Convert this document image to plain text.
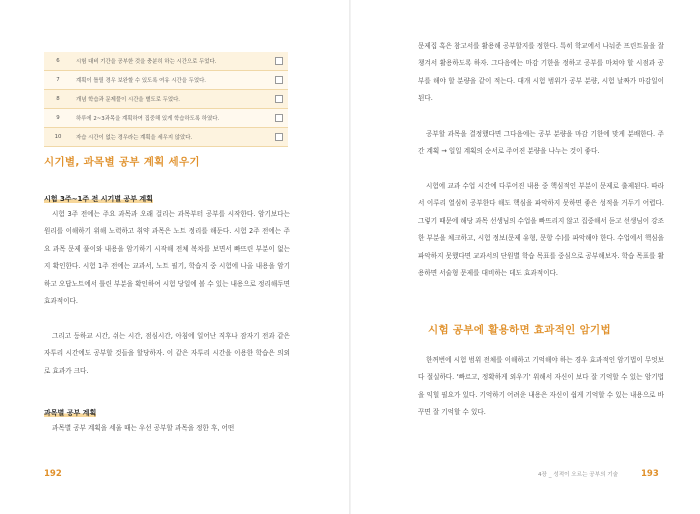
6	시험 대비 기간을 공부한 것을 충분히 하는 시간으로 두었다.	
7	계획이 틀릴 경우 보완할 수 있도록 여유 시간을 두었다.	
8	개념 학습과 문제풀이 시간을 별도로 두었다.	
9	하루에 2~3과목을 계획하여 집중해 있게 학습하도록 하였다.	
10	자습 시간이 없는 경우라는 계획을 세우지 않았다.	
시기별, 과목별 공부 계획 세우기
시험 3주~1주 전 시기별 공부 계획
시험 3주 전에는 주요 과목과 오래 걸리는 과목부터 공부를 시작한다. 암기보다는 원리를 이해하기 위해 노력하고 취약 과목은 노트 정리를 해둔다. 시험 2주 전에는 주요 과목 문제 풀이와 내용을 암기하기 시작해 전체 복차를 보면서 빠뜨린 부분이 없는지 확인한다. 시험 1주 전에는 교과서, 노트 필기, 학습지 중 시험에 나올 내용을 암기하고 오답노트에서 틀린 부분을 확인하여 시험 당일에 볼 수 있는 내용으로 정리해두면 효과적이다.
그리고 등하교 시간, 쉬는 시간, 점심시간, 아침에 일어난 직후나 잠자기 전과 같은 자투리 시간에도 공부할 것들을 할당하자. 이 같은 자투리 시간을 이용한 학습은 의외로 효과가 크다.
과목별 공부 계획
과목별 공부 계획을 세울 때는 우선 공부할 과목을 정한 후, 어떤
192
문제집 혹은 참고서를 활용해 공부할지를 정한다. 특히 학교에서 나눠준 프린트물을 잘 챙겨서 활용하도록 하자. 그다음에는 마감 기한을 정하고 공부를 마쳐야 할 시점과 공부를 해야 할 분량을 같이 적는다. 대개 시험 범위가 공부 분량, 시험 날짜가 마감일이 된다.
공부할 과목을 결정했다면 그다음에는 공부 분량을 마감 기한에 맞게 분배한다. 주간 계획 → 일일 계획의 순서로 주어진 분량을 나누는 것이 좋다.
시험에 교과 수업 시간에 다루어진 내용 중 핵심적인 부분이 문제로 출제된다. 따라서 이루리 열심히 공부한다 해도 핵심을 파악하지 못하면 좋은 성적을 거두기 어렵다. 그렇기 때문에 해당 과목 선생님의 수업을 빠뜨리지 않고 집중해서 듣고 선생님이 강조한 부분을 체크하고, 시험 정보(문제 유형, 문항 수)를 파악해야 한다. 수업에서 핵심을 파악하지 못했다면 교과서의 단원별 학습 목표를 중심으로 공부해보자. 학습 목표를 활용하면 서술형 문제를 대비하는 데도 효과적이다.
시험 공부에 활용하면 효과적인 암기법
한꺼번에 시험 범위 전체를 이해하고 기억해야 하는 경우 효과적인 암기법이 무엇보다 절실하다. '빠르고, 정확하게 외우기' 위해서 자신이 보다 잘 기억할 수 있는 암기법을 익힐 필요가 있다. 기억하기 어려운 내용은 자신이 쉽게 기억할 수 있는 내용으로 바꾸면 잘 기억할 수 있다.
4장 _ 성적이 오르는 공부의 기술	193
